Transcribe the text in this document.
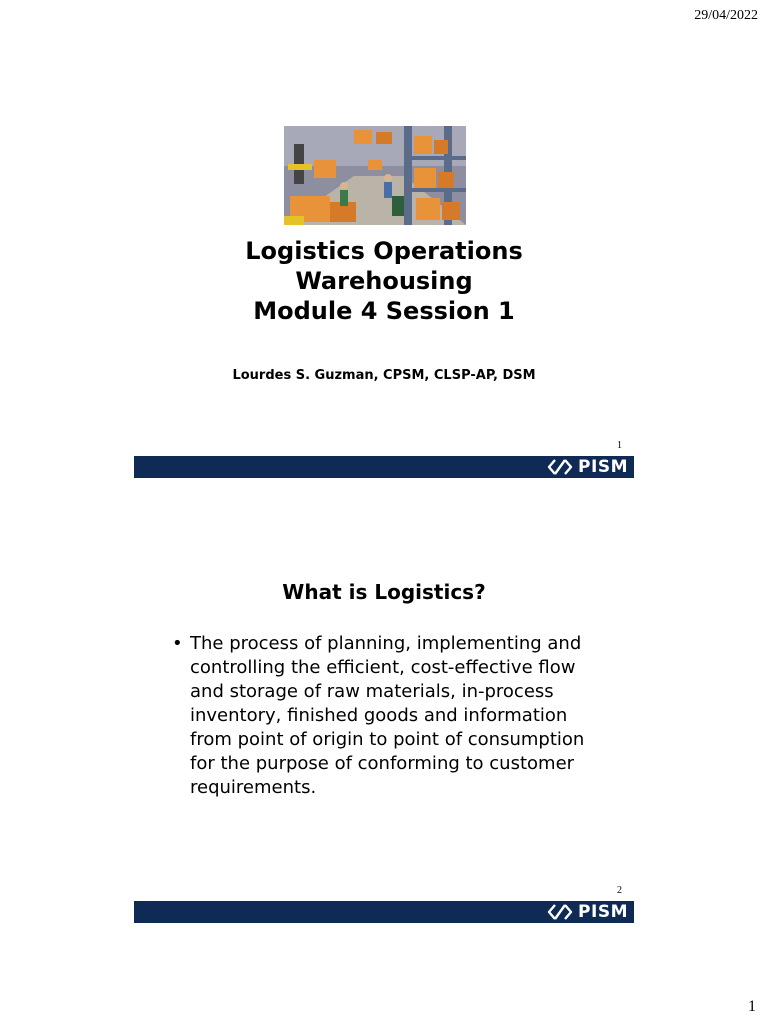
29/04/2022
Logistics Operations
Warehousing
Module 4 Session 1
Lourdes S. Guzman, CPSM, CLSP-AP, DSM
1
PISM
What is Logistics?
• The process of planning, implementing and controlling the efficient, cost-effective flow and storage of raw materials, in-process inventory, finished goods and information from point of origin to point of consumption for the purpose of conforming to customer requirements.
2
PISM
1
